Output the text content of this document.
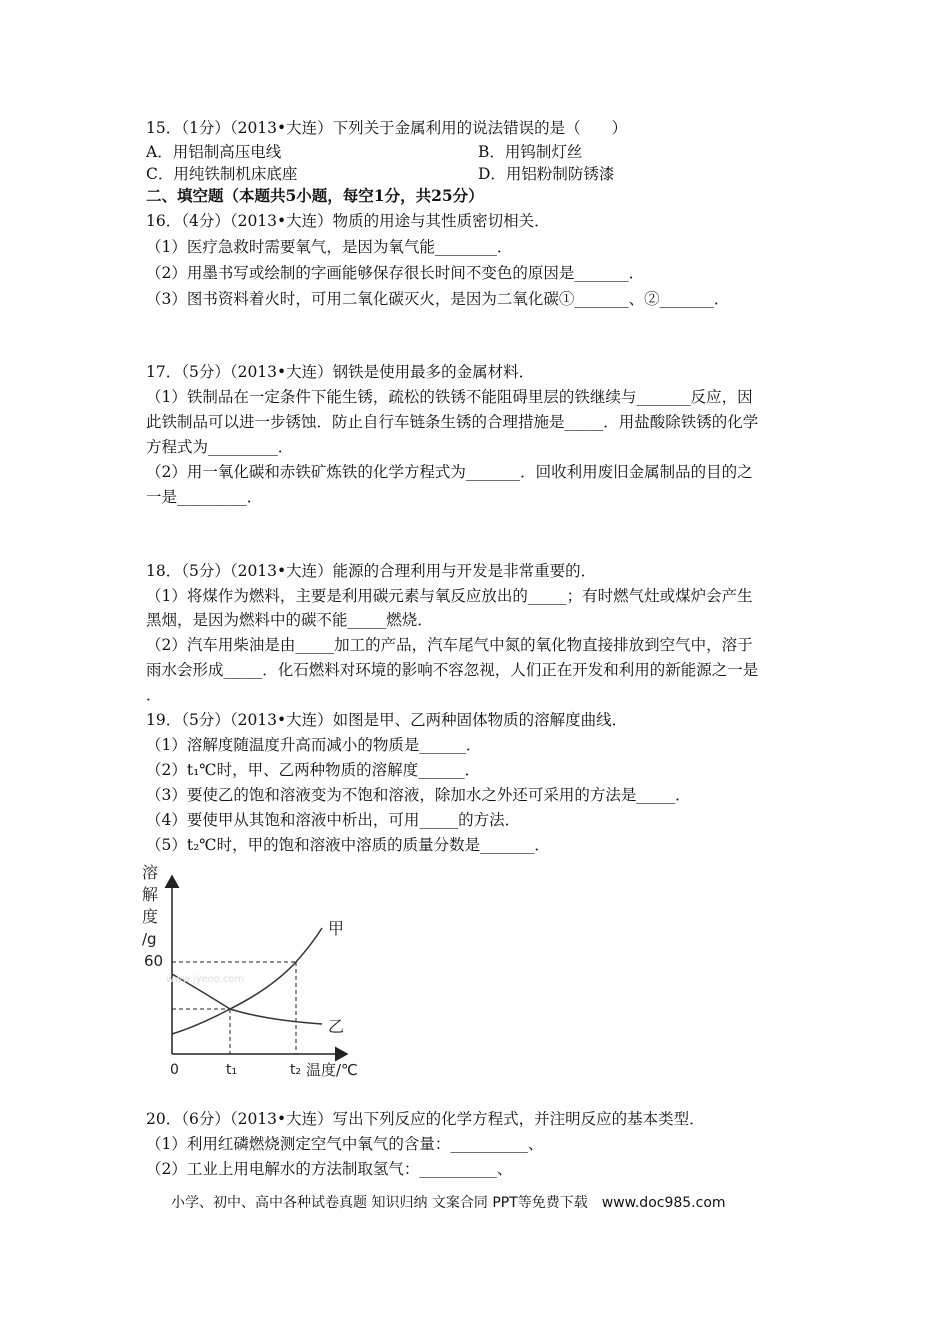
15．（1分）（2013•大连）下列关于金属利用的说法错误的是（　　）
A．用铝制高压电线	B．用钨制灯丝
C．用纯铁制机床底座	D．用铝粉制防锈漆
二、填空题（本题共5小题，每空1分，共25分）
16．（4分）（2013•大连）物质的用途与其性质密切相关．
（1）医疗急救时需要氧气，是因为氧气能________．
（2）用墨书写或绘制的字画能够保存很长时间不变色的原因是_______．
（3）图书资料着火时，可用二氧化碳灭火，是因为二氧化碳①_______、②_______．
17．（5分）（2013•大连）钢铁是使用最多的金属材料．
（1）铁制品在一定条件下能生锈，疏松的铁锈不能阻碍里层的铁继续与_______反应，因
此铁制品可以进一步锈蚀．防止自行车链条生锈的合理措施是_____．用盐酸除铁锈的化学
方程式为_________．
（2）用一氧化碳和赤铁矿炼铁的化学方程式为_______．回收利用废旧金属制品的目的之
一是_________．
18．（5分）（2013•大连）能源的合理利用与开发是非常重要的．
（1）将煤作为燃料，主要是利用碳元素与氧反应放出的_____；有时燃气灶或煤炉会产生
黑烟，是因为燃料中的碳不能_____燃烧．
（2）汽车用柴油是由_____加工的产品，汽车尾气中氮的氧化物直接排放到空气中，溶于
雨水会形成_____．化石燃料对环境的影响不容忽视，人们正在开发和利用的新能源之一是
．
19．（5分）（2013•大连）如图是甲、乙两种固体物质的溶解度曲线．
（1）溶解度随温度升高而减小的物质是______．
（2）t₁℃时，甲、乙两种物质的溶解度______．
（3）要使乙的饱和溶液变为不饱和溶液，除加水之外还可采用的方法是_____．
（4）要使甲从其饱和溶液中析出，可用_____的方法．
（5）t₂℃时，甲的饱和溶液中溶质的质量分数是_______．
溶
解
度
/g
60
甲
乙
www.jyeoo.com
0	t₁	t₂ 温度/℃
20．（6分）（2013•大连）写出下列反应的化学方程式，并注明反应的基本类型．
（1）利用红磷燃烧测定空气中氧气的含量：__________、
（2）工业上用电解水的方法制取氢气：__________、
小学、初中、高中各种试卷真题 知识归纳 文案合同 PPT等免费下载　www.doc985.com
